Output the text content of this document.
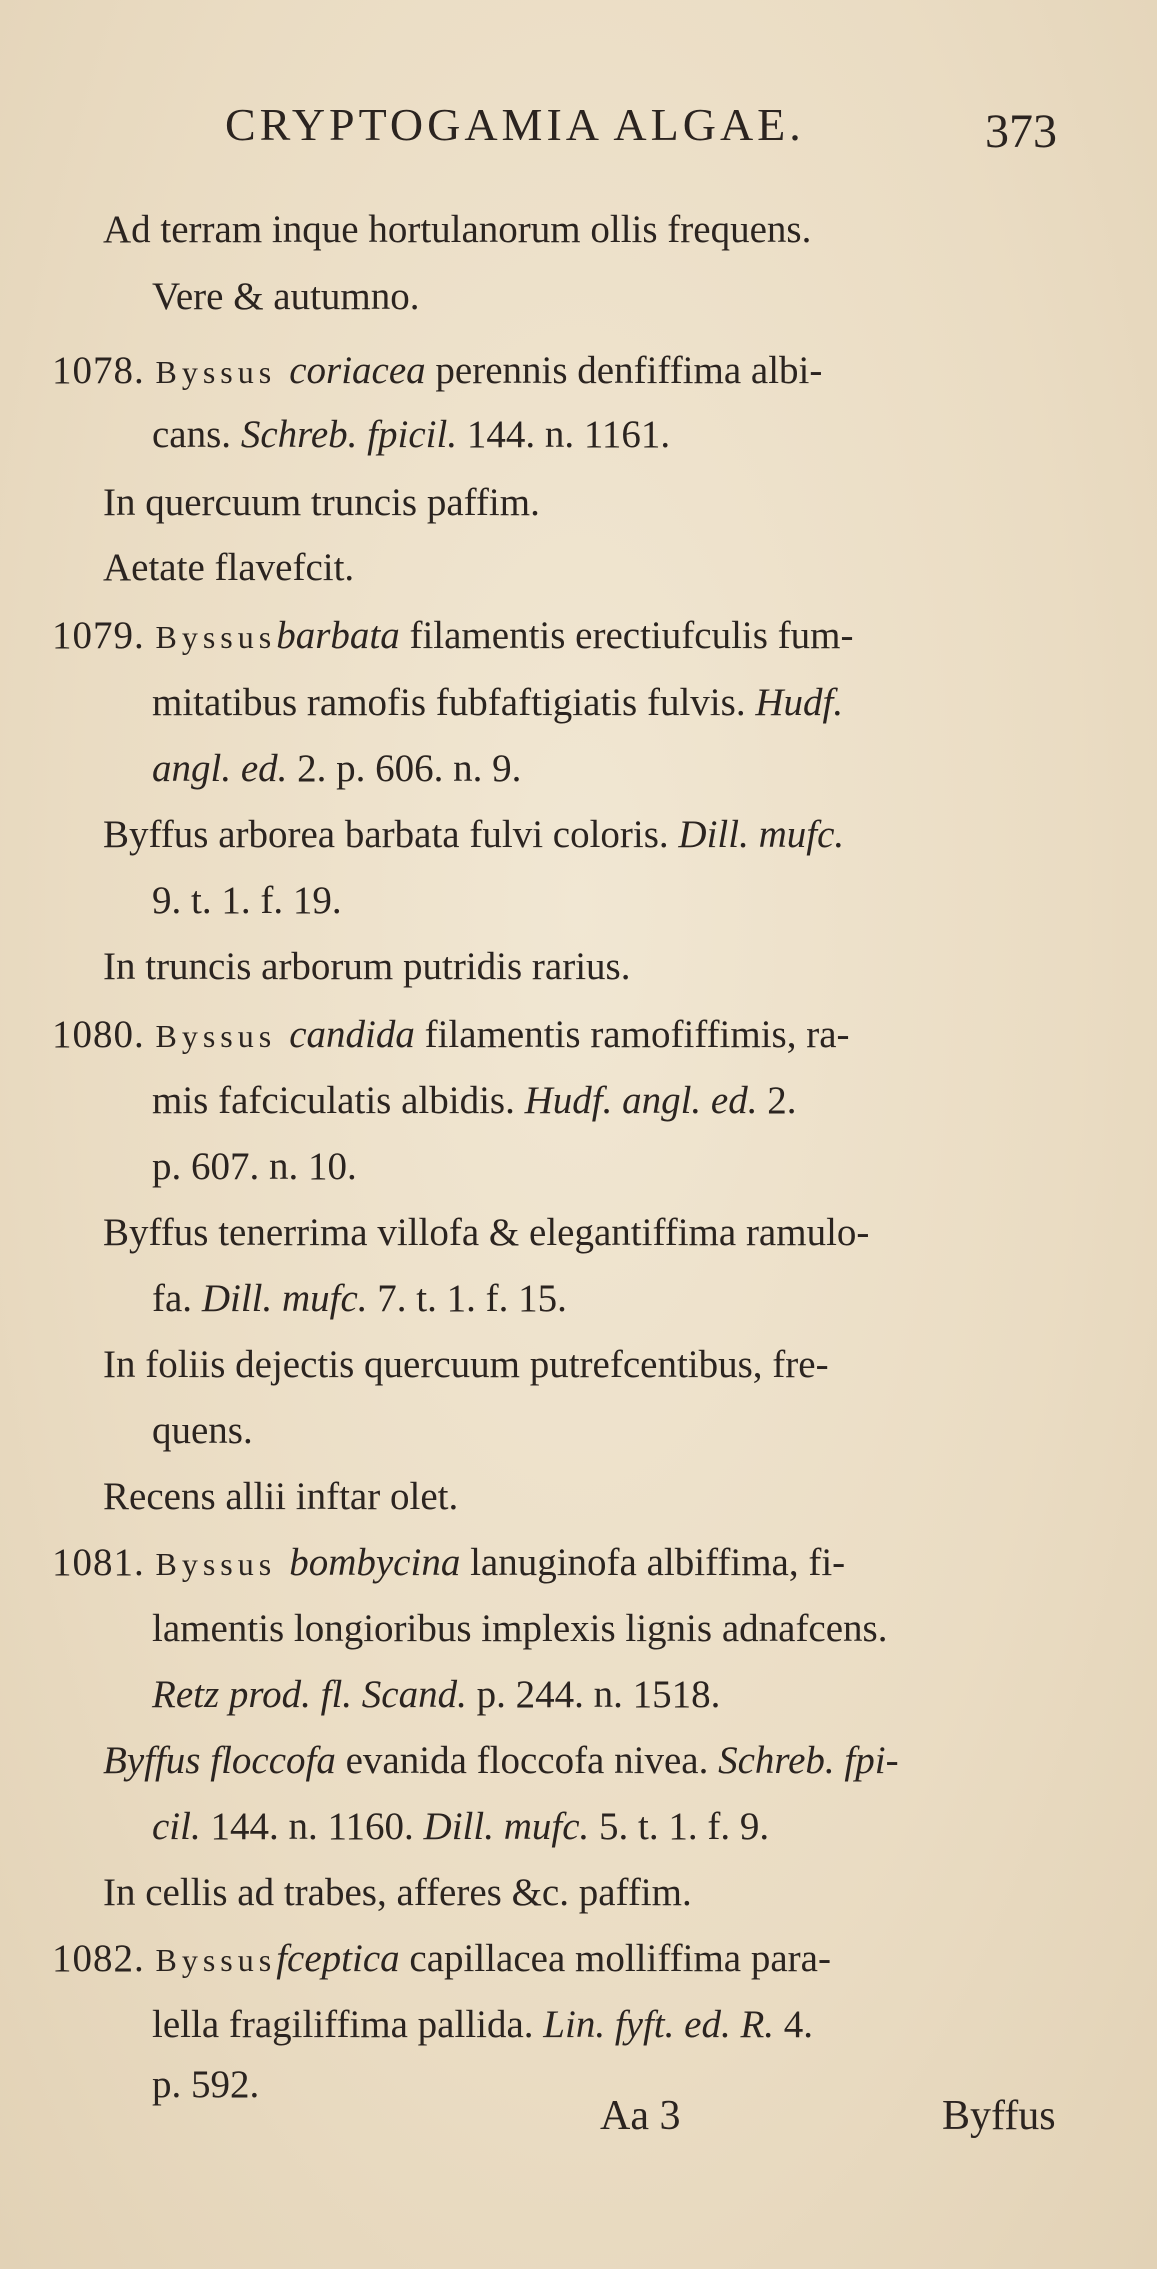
CRYPTOGAMIA ALGAE.	373
Ad terram inque hortulanorum ollis frequens.
Vere & autumno.
1078. Byssus coriacea perennis denfiffima albi-
cans. Schreb. fpicil. 144. n. 1161.
In quercuum truncis paffim.
Aetate flavefcit.
1079. Byssusbarbata filamentis erectiufculis fum-
mitatibus ramofis fubfaftigiatis fulvis. Hudf.
angl. ed. 2. p. 606. n. 9.
Byffus arborea barbata fulvi coloris. Dill. mufc.
9. t. 1. f. 19.
In truncis arborum putridis rarius.
1080. Byssus candida filamentis ramofiffimis, ra-
mis fafciculatis albidis. Hudf. angl. ed. 2.
p. 607. n. 10.
Byffus tenerrima villofa & elegantiffima ramulo-
fa. Dill. mufc. 7. t. 1. f. 15.
In foliis dejectis quercuum putrefcentibus, fre-
quens.
Recens allii inftar olet.
1081. Byssus bombycina lanuginofa albiffima, fi-
lamentis longioribus implexis lignis adnafcens.
Retz prod. fl. Scand. p. 244. n. 1518.
Byffus floccofa evanida floccofa nivea. Schreb. fpi-
cil. 144. n. 1160. Dill. mufc. 5. t. 1. f. 9.
In cellis ad trabes, afferes &c. paffim.
1082. Byssusfceptica capillacea molliffima para-
lella fragiliffima pallida. Lin. fyft. ed. R. 4.
p. 592.
Aa 3	Byffus
